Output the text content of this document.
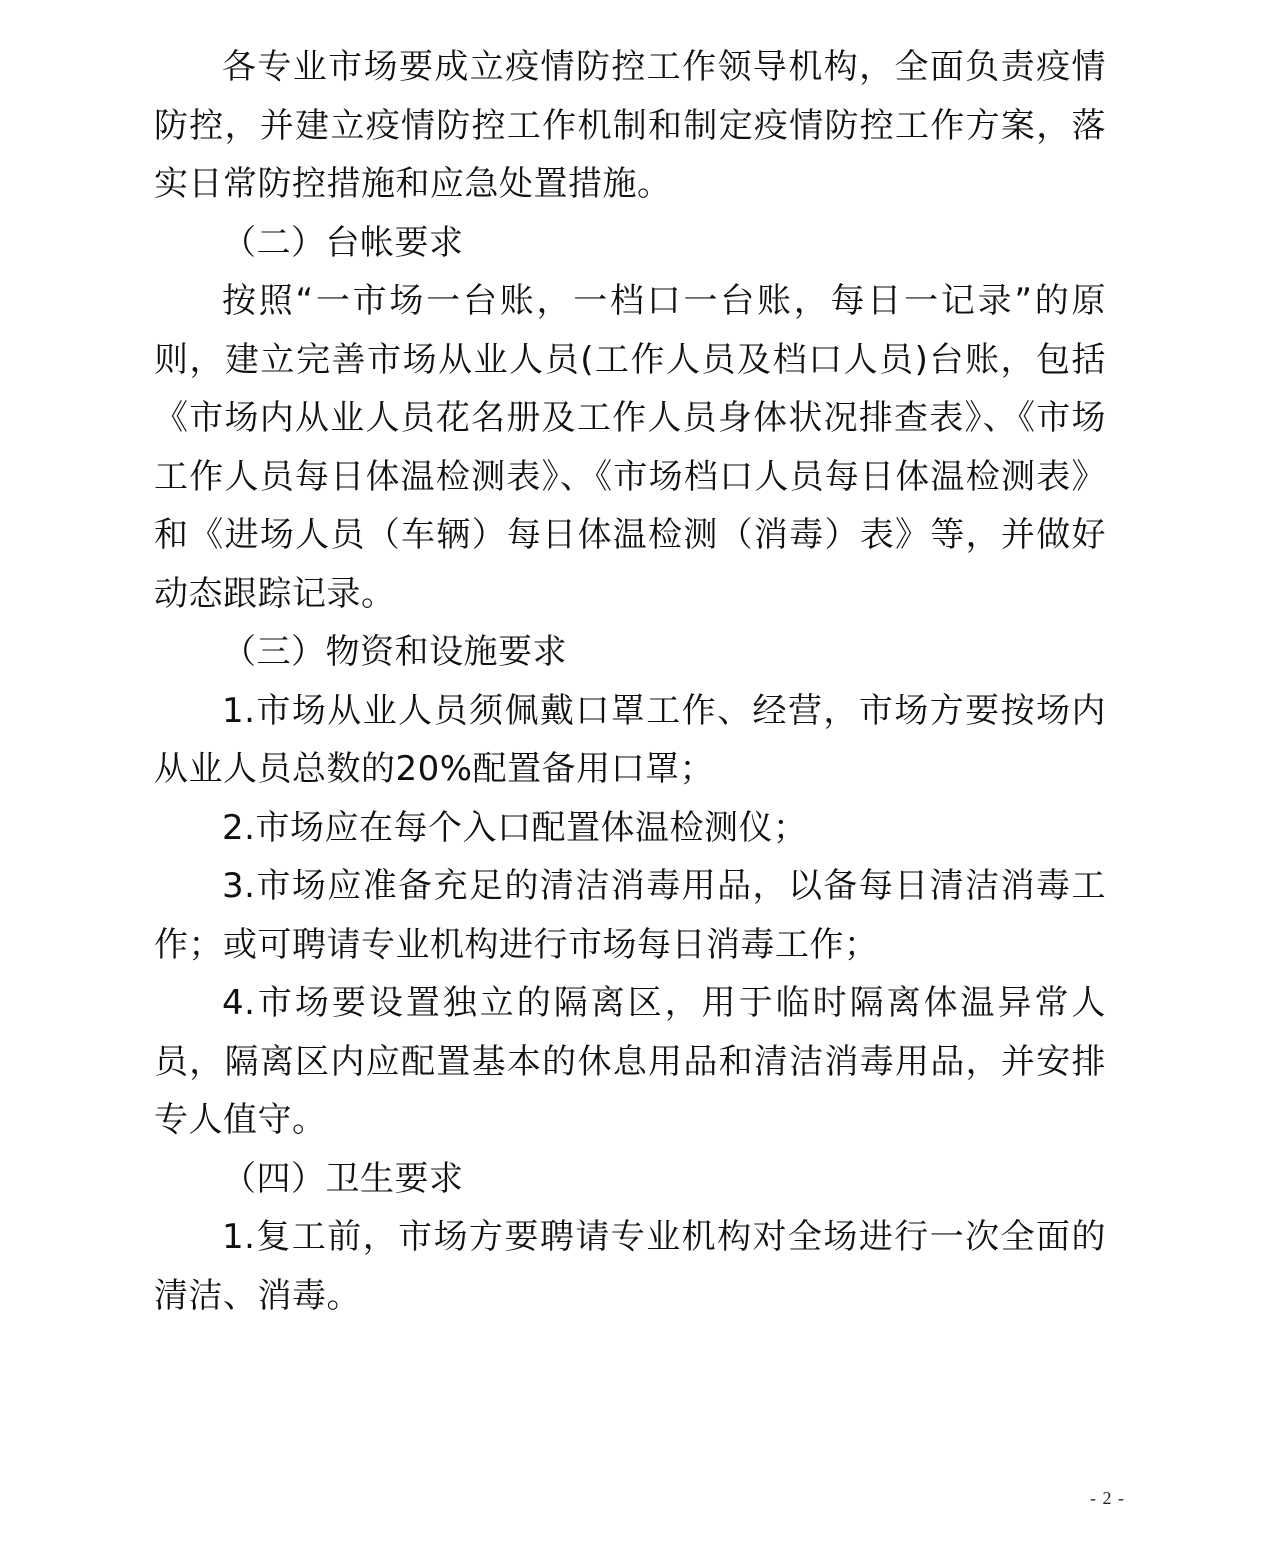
各专业市场要成立疫情防控工作领导机构，全面负责疫情防控，并建立疫情防控工作机制和制定疫情防控工作方案，落实日常防控措施和应急处置措施。

（二）台帐要求

按照“一市场一台账，一档口一台账，每日一记录”的原则，建立完善市场从业人员(工作人员及档口人员)台账，包括《市场内从业人员花名册及工作人员身体状况排查表》、《市场工作人员每日体温检测表》、《市场档口人员每日体温检测表》和《进场人员（车辆）每日体温检测（消毒）表》等，并做好动态跟踪记录。

（三）物资和设施要求

1.市场从业人员须佩戴口罩工作、经营，市场方要按场内从业人员总数的20%配置备用口罩；

2.市场应在每个入口配置体温检测仪；

3.市场应准备充足的清洁消毒用品，以备每日清洁消毒工作；或可聘请专业机构进行市场每日消毒工作；

4.市场要设置独立的隔离区，用于临时隔离体温异常人员，隔离区内应配置基本的休息用品和清洁消毒用品，并安排专人值守。

（四）卫生要求

1.复工前，市场方要聘请专业机构对全场进行一次全面的清洁、消毒。

- 2 -
